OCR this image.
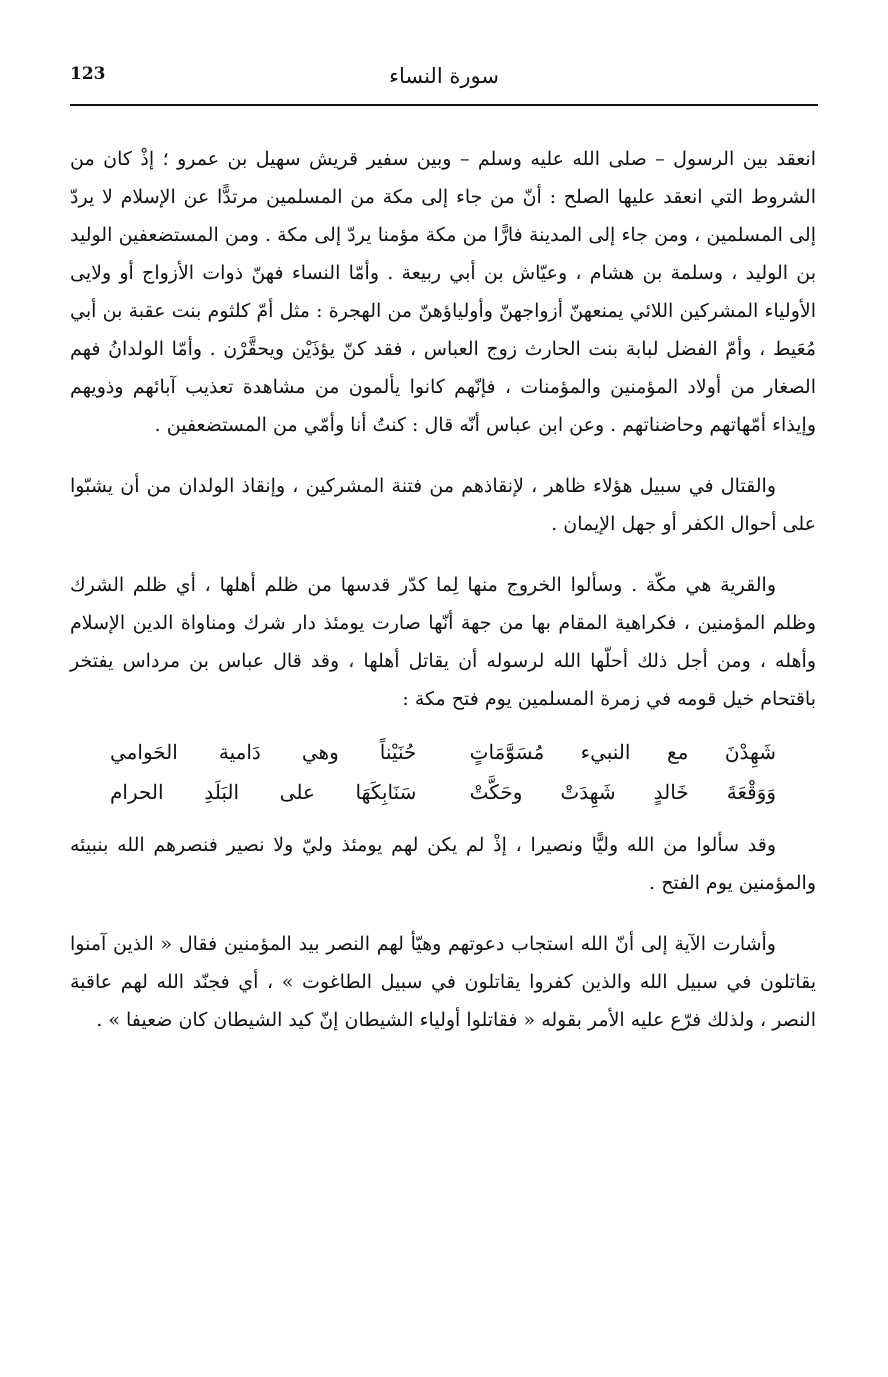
123	سورة النساء

انعقد بين الرسول – صلى الله عليه وسلم – وبين سفير قريش سهيل بن عمرو ؛ إذْ كان من الشروط التي انعقد عليها الصلح : أنّ من جاء إلى مكة من المسلمين مرتدًّا عن الإسلام لا يردّ إلى المسلمين ، ومن جاء إلى المدينة فارًّا من مكة مؤمنا يردّ إلى مكة . ومن المستضعفين الوليد بن الوليد ، وسلمة بن هشام ، وعيّاش بن أبي ربيعة . وأمّا النساء فهنّ ذوات الأزواج أو ولايى الأولياء المشركين اللائي يمنعهنّ أزواجهنّ وأولياؤهنّ من الهجرة : مثل أمّ كلثوم بنت عقبة بن أبي مُعَيط ، وأمّ الفضل لبابة بنت الحارث زوج العباس ، فقد كنّ يؤذَيْن ويحقَّرْن . وأمّا الولدانُ فهم الصغار من أولاد المؤمنين والمؤمنات ، فإنّهم كانوا يألمون من مشاهدة تعذيب آبائهم وذويهم وإيذاء أمّهاتهم وحاضناتهم . وعن ابن عباس أنّه قال : كنتُ أنا وأمّي من المستضعفين .

والقتال في سبيل هؤلاء ظاهر ، لإنقاذهم من فتنة المشركين ، وإنقاذ الولدان من أن يشبّوا على أحوال الكفر أو جهل الإيمان .

والقرية هي مكّة . وسألوا الخروج منها لِما كدّر قدسها من ظلم أهلها ، أي ظلم الشرك وظلم المؤمنين ، فكراهية المقام بها من جهة أنّها صارت يومئذ دار شرك ومناواة الدين الإسلام وأهله ، ومن أجل ذلك أحلّها الله لرسوله أن يقاتل أهلها ، وقد قال عباس بن مرداس يفتخر باقتحام خيل قومه في زمرة المسلمين يوم فتح مكة :

شَهِدْنَ مع النبيء مُسَوَّمَاتٍ
حُنَيْناً وهي دَامية الحَوامي
وَوَقْعَةَ خَالدٍ شَهِدَتْ وحَكَّتْ
سَنَابِكَهَا على البَلَدِ الحرام

وقد سألوا من الله وليًّا ونصيرا ، إذْ لم يكن لهم يومئذ وليّ ولا نصير فنصرهم الله بنبيئه والمؤمنين يوم الفتح .

وأشارت الآية إلى أنّ الله استجاب دعوتهم وهيّأ لهم النصر بيد المؤمنين فقال « الذين آمنوا يقاتلون في سبيل الله والذين كفروا يقاتلون في سبيل الطاغوت » ، أي فجنّد الله لهم عاقبة النصر ، ولذلك فرّع عليه الأمر بقوله « فقاتلوا أولياء الشيطان إنّ كيد الشيطان كان ضعيفا » .
